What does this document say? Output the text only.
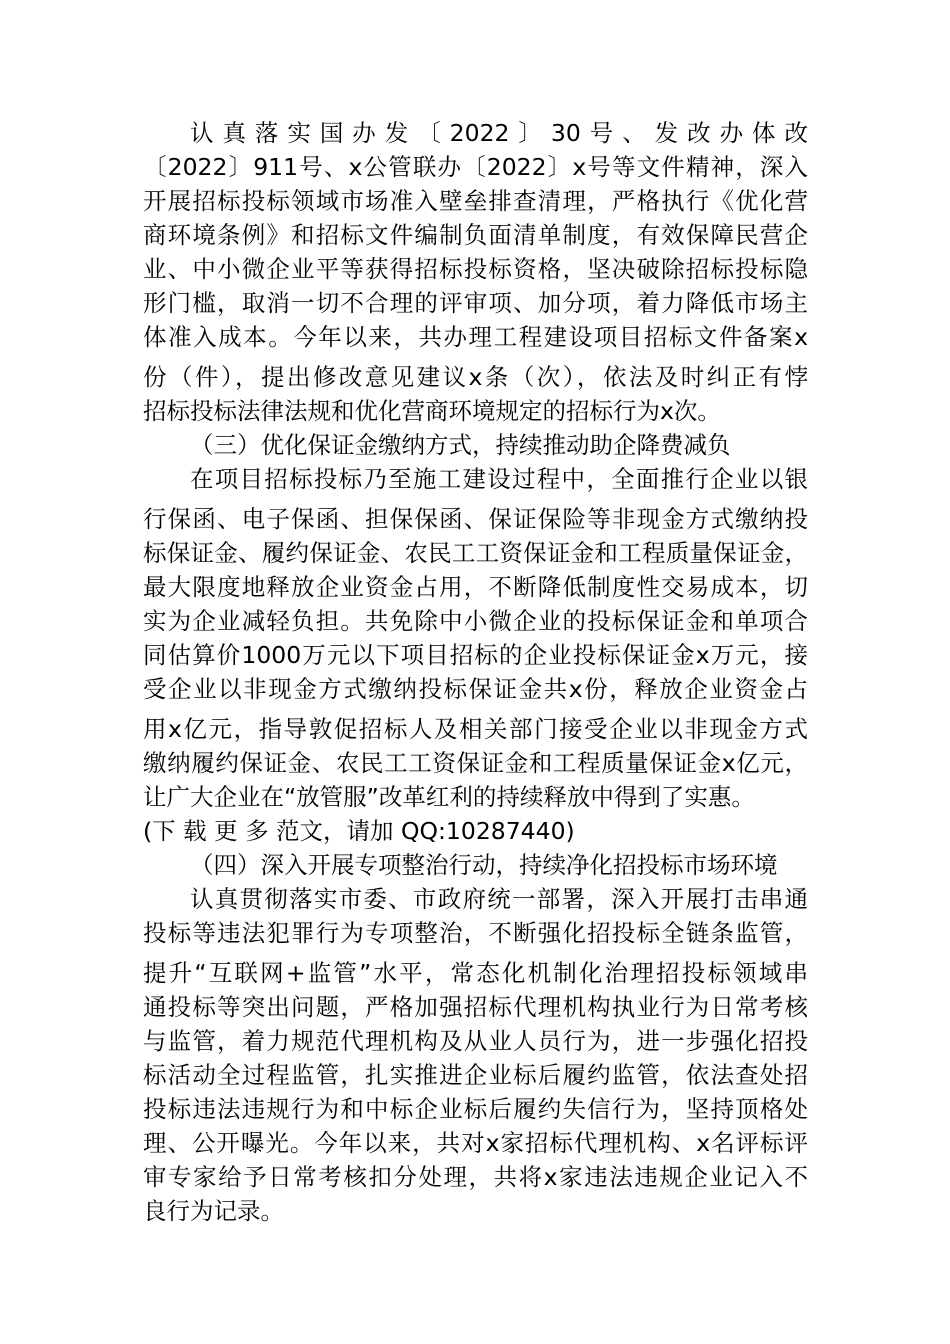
认真落实国办发〔2022〕30号、发改办体改
〔2022〕911号、x公管联办〔2022〕x号等文件精神，深入
开展招标投标领域市场准入壁垒排查清理，严格执行《优化营
商环境条例》和招标文件编制负面清单制度，有效保障民营企
业、中小微企业平等获得招标投标资格，坚决破除招标投标隐
形门槛，取消一切不合理的评审项、加分项，着力降低市场主
体准入成本。今年以来，共办理工程建设项目招标文件备案x
份（件），提出修改意见建议x条（次），依法及时纠正有悖
招标投标法律法规和优化营商环境规定的招标行为x次。
（三）优化保证金缴纳方式，持续推动助企降费减负
在项目招标投标乃至施工建设过程中，全面推行企业以银
行保函、电子保函、担保保函、保证保险等非现金方式缴纳投
标保证金、履约保证金、农民工工资保证金和工程质量保证金，
最大限度地释放企业资金占用，不断降低制度性交易成本，切
实为企业减轻负担。共免除中小微企业的投标保证金和单项合
同估算价1000万元以下项目招标的企业投标保证金x万元，接
受企业以非现金方式缴纳投标保证金共x份，释放企业资金占
用x亿元，指导敦促招标人及相关部门接受企业以非现金方式
缴纳履约保证金、农民工工资保证金和工程质量保证金x亿元，
让广大企业在“放管服”改革红利的持续释放中得到了实惠。
(下 载 更 多 范文，请加 QQ:10287440)
（四）深入开展专项整治行动，持续净化招投标市场环境
认真贯彻落实市委、市政府统一部署，深入开展打击串通
投标等违法犯罪行为专项整治，不断强化招投标全链条监管，
提升“互联网+监管”水平，常态化机制化治理招投标领域串
通投标等突出问题，严格加强招标代理机构执业行为日常考核
与监管，着力规范代理机构及从业人员行为，进一步强化招投
标活动全过程监管，扎实推进企业标后履约监管，依法查处招
投标违法违规行为和中标企业标后履约失信行为，坚持顶格处
理、公开曝光。今年以来，共对x家招标代理机构、x名评标评
审专家给予日常考核扣分处理，共将x家违法违规企业记入不
良行为记录。
